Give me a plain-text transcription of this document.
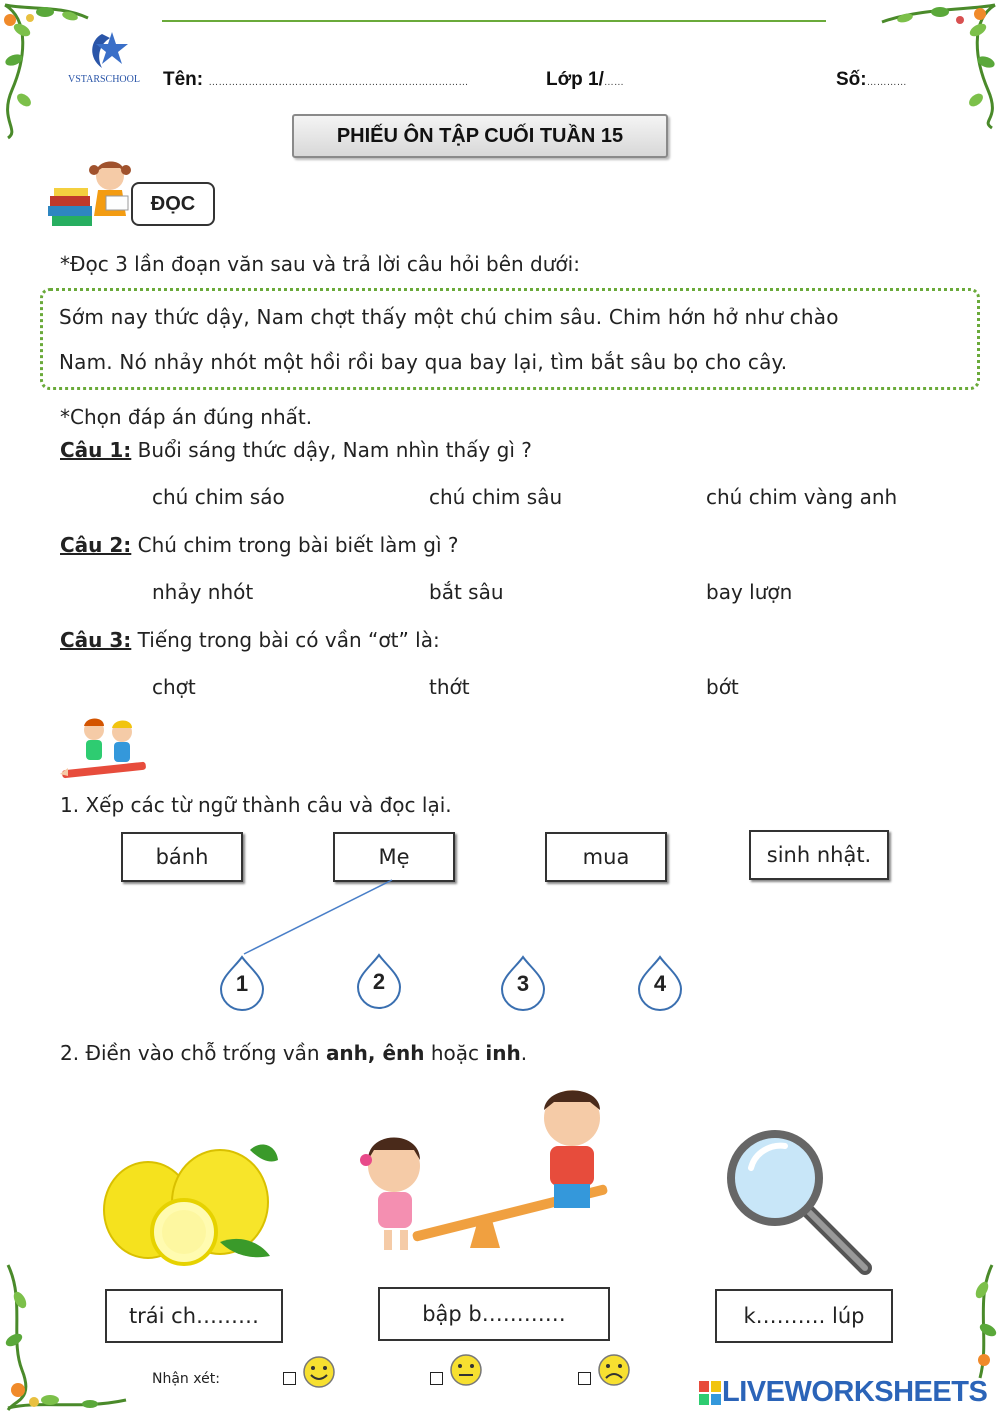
VSTARSCHOOL Tên: ……………………………………………………………………	Lớp 1/……	Số:…………
PHIẾU ÔN TẬP CUỐI TUẦN 15
ĐỌC
*Đọc 3 lần đoạn văn sau và trả lời câu hỏi bên dưới:

Sớm nay thức dậy, Nam chợt thấy một chú chim sâu. Chim hớn hở như chào

Nam. Nó nhảy nhót một hồi rồi bay qua bay lại, tìm bắt sâu bọ cho cây.

*Chọn đáp án đúng nhất.
Câu 1: Buổi sáng thức dậy, Nam nhìn thấy gì ?
chú chim sáo	chú chim sâu	chú chim vàng anh
Câu 2: Chú chim trong bài biết làm gì ?
nhảy nhót	bắt sâu	bay lượn
Câu 3: Tiếng trong bài có vần “ơt” là:
chợt	thớt	bớt
1. Xếp các từ ngữ thành câu và đọc lại.
bánh	Mẹ	mua	sinh nhật.
1	2	3	4
2. Điền vào chỗ trống vần anh, ênh hoặc inh.
trái ch………	bập b…………	k………. lúp
Nhận xét:	LIVEWORKSHEETS
